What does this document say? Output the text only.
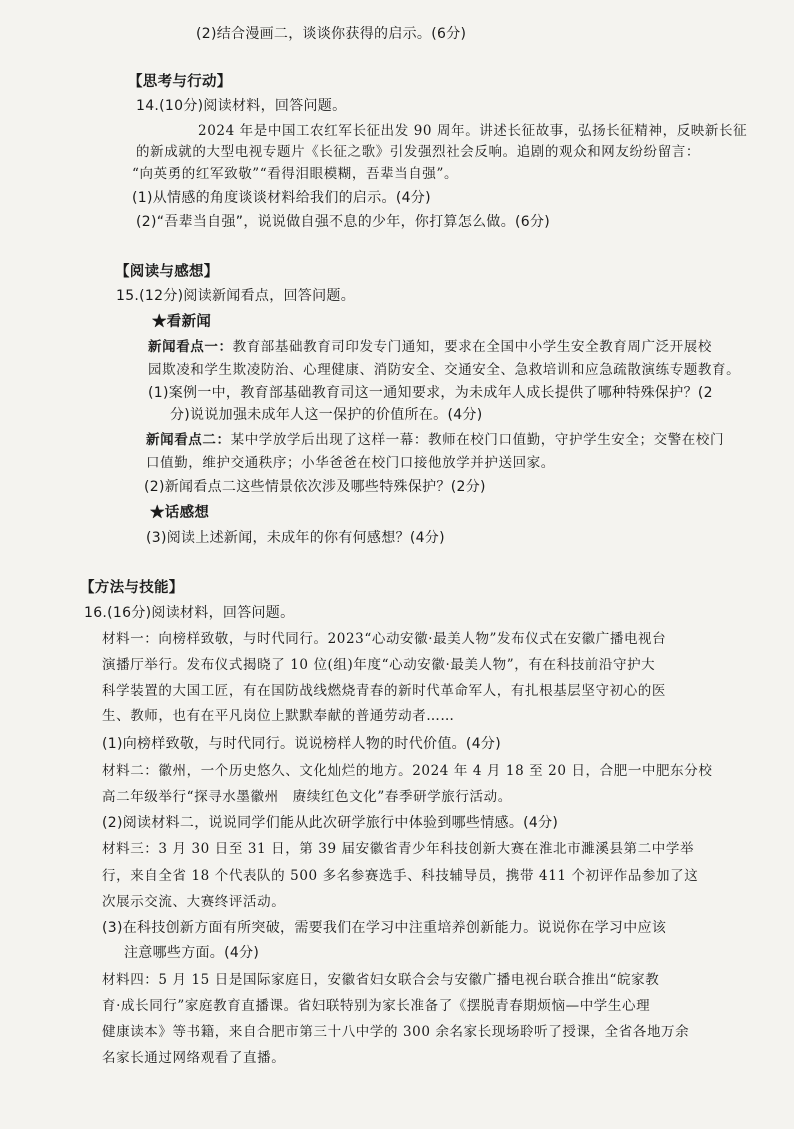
(2)结合漫画二，谈谈你获得的启示。(6分)
【思考与行动】
14.(10分)阅读材料，回答问题。
2024 年是中国工农红军长征出发 90 周年。讲述长征故事，弘扬长征精神，反映新长征
的新成就的大型电视专题片《长征之歌》引发强烈社会反响。追剧的观众和网友纷纷留言：
“向英勇的红军致敬”“看得泪眼模糊，吾辈当自强”。
(1)从情感的角度谈谈材料给我们的启示。(4分)
(2)“吾辈当自强”，说说做自强不息的少年，你打算怎么做。(6分)
【阅读与感想】
15.(12分)阅读新闻看点，回答问题。
★看新闻
新闻看点一：教育部基础教育司印发专门通知，要求在全国中小学生安全教育周广泛开展校
园欺凌和学生欺凌防治、心理健康、消防安全、交通安全、急救培训和应急疏散演练专题教育。
(1)案例一中，教育部基础教育司这一通知要求，为未成年人成长提供了哪种特殊保护？(2
分)说说加强未成年人这一保护的价值所在。(4分)
新闻看点二：某中学放学后出现了这样一幕：教师在校门口值勤，守护学生安全；交警在校门
口值勤，维护交通秩序；小华爸爸在校门口接他放学并护送回家。
(2)新闻看点二这些情景依次涉及哪些特殊保护？(2分)
★话感想
(3)阅读上述新闻，未成年的你有何感想？(4分)
【方法与技能】
16.(16分)阅读材料，回答问题。
材料一：向榜样致敬，与时代同行。2023“心动安徽·最美人物”发布仪式在安徽广播电视台
演播厅举行。发布仪式揭晓了 10 位(组)年度“心动安徽·最美人物”，有在科技前沿守护大
科学装置的大国工匠，有在国防战线燃烧青春的新时代革命军人，有扎根基层坚守初心的医
生、教师，也有在平凡岗位上默默奉献的普通劳动者……
(1)向榜样致敬，与时代同行。说说榜样人物的时代价值。(4分)
材料二：徽州，一个历史悠久、文化灿烂的地方。2024 年 4 月 18 至 20 日，合肥一中肥东分校
高二年级举行“探寻水墨徽州　赓续红色文化”春季研学旅行活动。
(2)阅读材料二，说说同学们能从此次研学旅行中体验到哪些情感。(4分)
材料三：3 月 30 日至 31 日，第 39 届安徽省青少年科技创新大赛在淮北市濉溪县第二中学举
行，来自全省 18 个代表队的 500 多名参赛选手、科技辅导员，携带 411 个初评作品参加了这
次展示交流、大赛终评活动。
(3)在科技创新方面有所突破，需要我们在学习中注重培养创新能力。说说你在学习中应该
注意哪些方面。(4分)
材料四：5 月 15 日是国际家庭日，安徽省妇女联合会与安徽广播电视台联合推出“皖家教
育·成长同行”家庭教育直播课。省妇联特别为家长准备了《摆脱青春期烦恼—中学生心理
健康读本》等书籍，来自合肥市第三十八中学的 300 余名家长现场聆听了授课，全省各地万余
名家长通过网络观看了直播。
